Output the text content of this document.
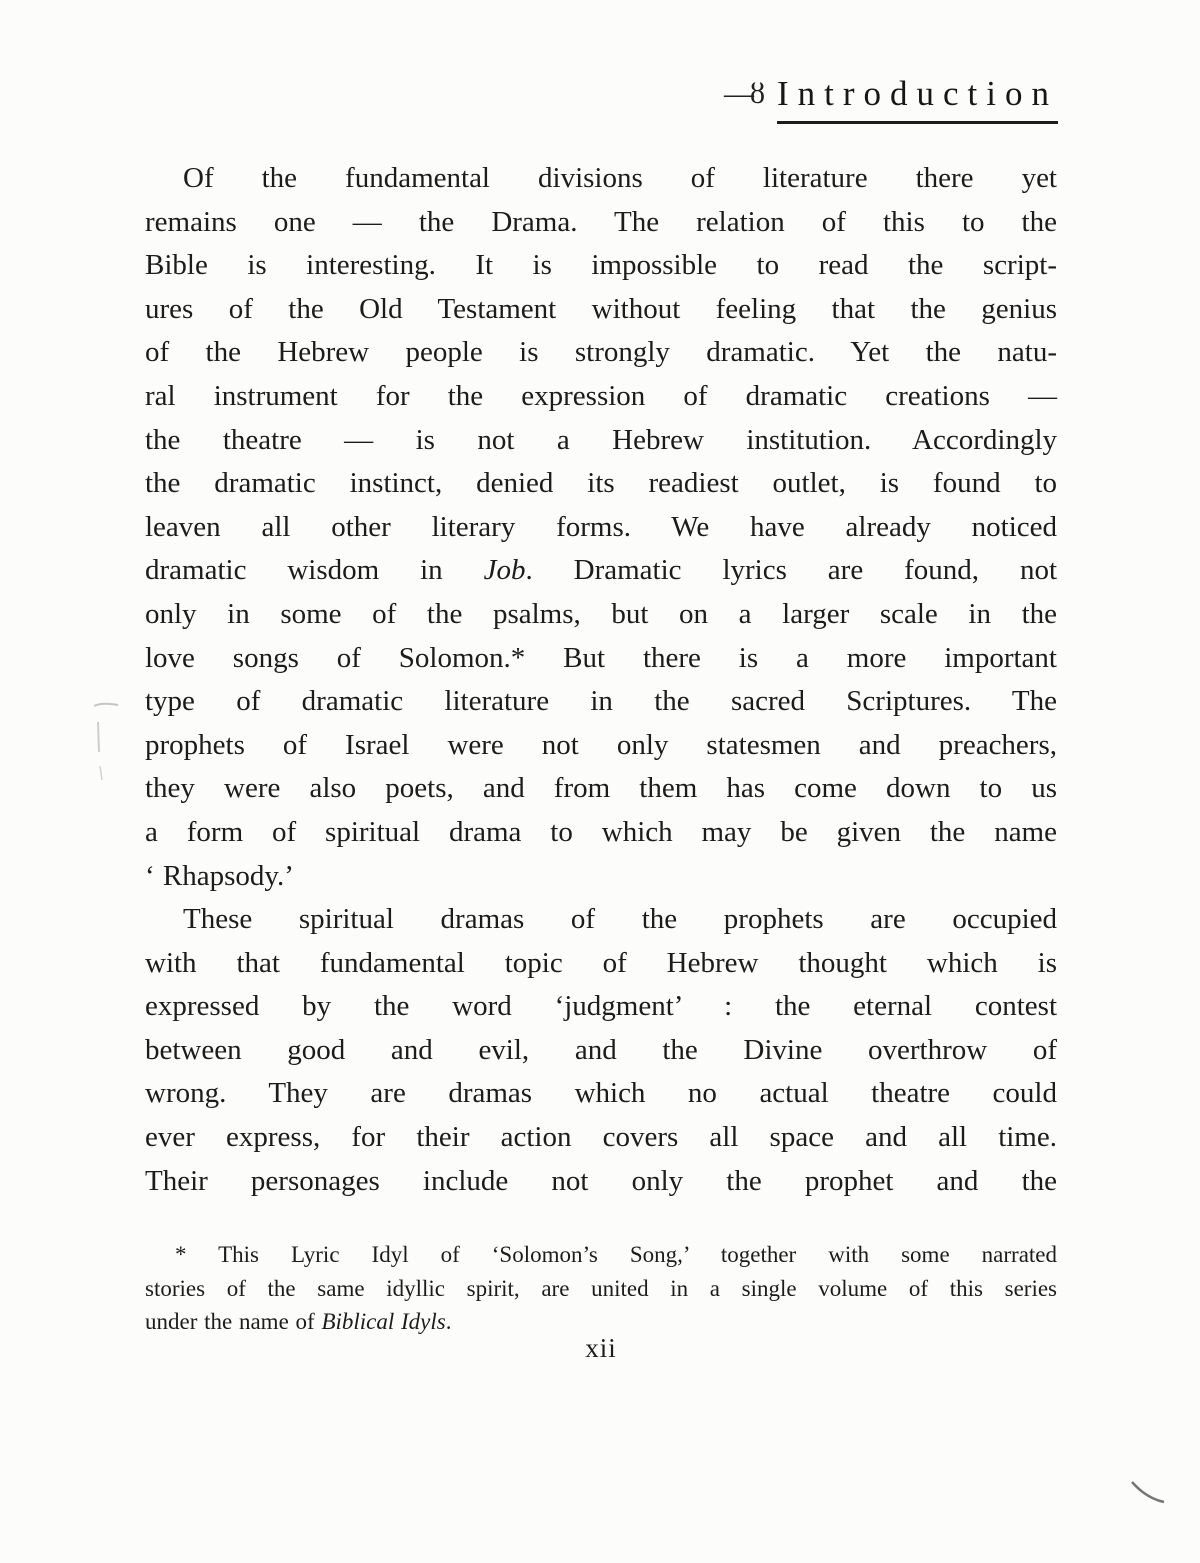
—ȣ Introduction
Of the fundamental divisions of literature there yet
remains one — the Drama. The relation of this to the
Bible is interesting. It is impossible to read the script-
ures of the Old Testament without feeling that the genius
of the Hebrew people is strongly dramatic. Yet the natu-
ral instrument for the expression of dramatic creations —
the theatre — is not a Hebrew institution. Accordingly
the dramatic instinct, denied its readiest outlet, is found to
leaven all other literary forms. We have already noticed
dramatic wisdom in Job. Dramatic lyrics are found, not
only in some of the psalms, but on a larger scale in the
love songs of Solomon.* But there is a more important
type of dramatic literature in the sacred Scriptures. The
prophets of Israel were not only statesmen and preachers,
they were also poets, and from them has come down to us
a form of spiritual drama to which may be given the name
‘ Rhapsody.’
These spiritual dramas of the prophets are occupied
with that fundamental topic of Hebrew thought which is
expressed by the word ‘judgment’ : the eternal contest
between good and evil, and the Divine overthrow of
wrong. They are dramas which no actual theatre could
ever express, for their action covers all space and all time.
Their personages include not only the prophet and the
* This Lyric Idyl of ‘Solomon’s Song,’ together with some narrated
stories of the same idyllic spirit, are united in a single volume of this series
under the name of Biblical Idyls.
xii
